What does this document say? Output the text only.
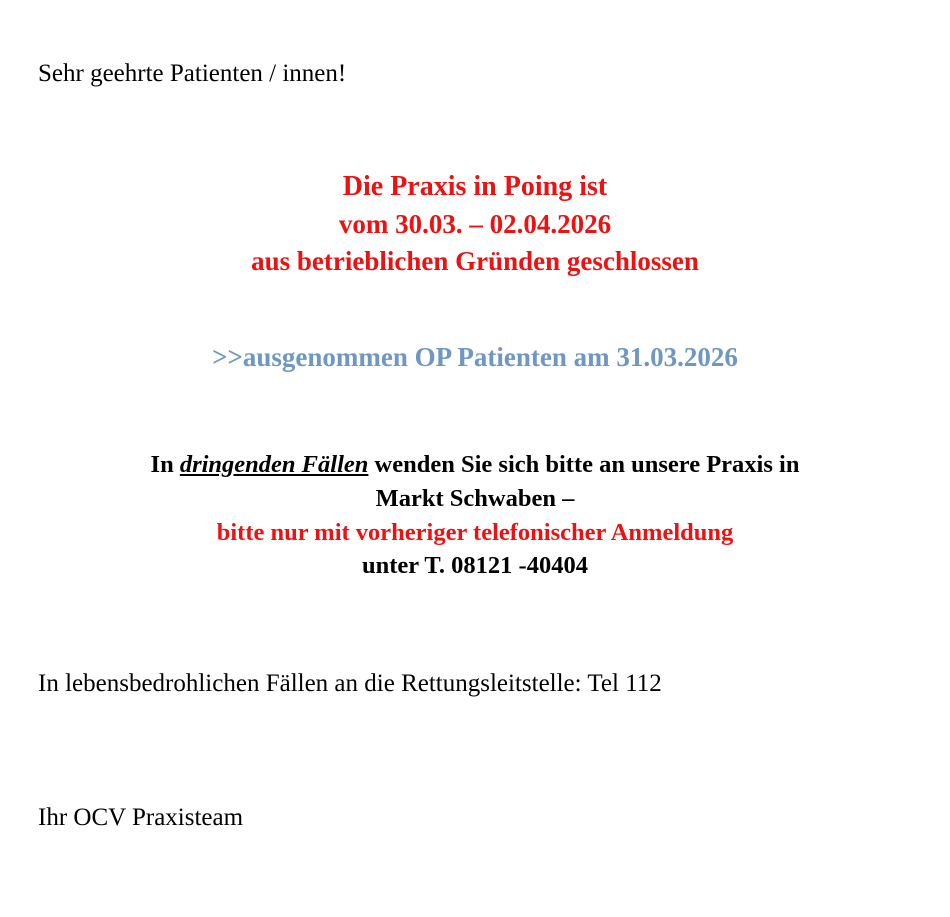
Sehr geehrte Patienten / innen!
Die Praxis in Poing ist
vom 30.03. – 02.04.2026
aus betrieblichen Gründen geschlossen
>>ausgenommen OP Patienten am 31.03.2026
In dringenden Fällen wenden Sie sich bitte an unsere Praxis in
Markt Schwaben –
bitte nur mit vorheriger telefonischer Anmeldung
unter T. 08121 -40404
In lebensbedrohlichen Fällen an die Rettungsleitstelle: Tel 112
Ihr OCV Praxisteam
